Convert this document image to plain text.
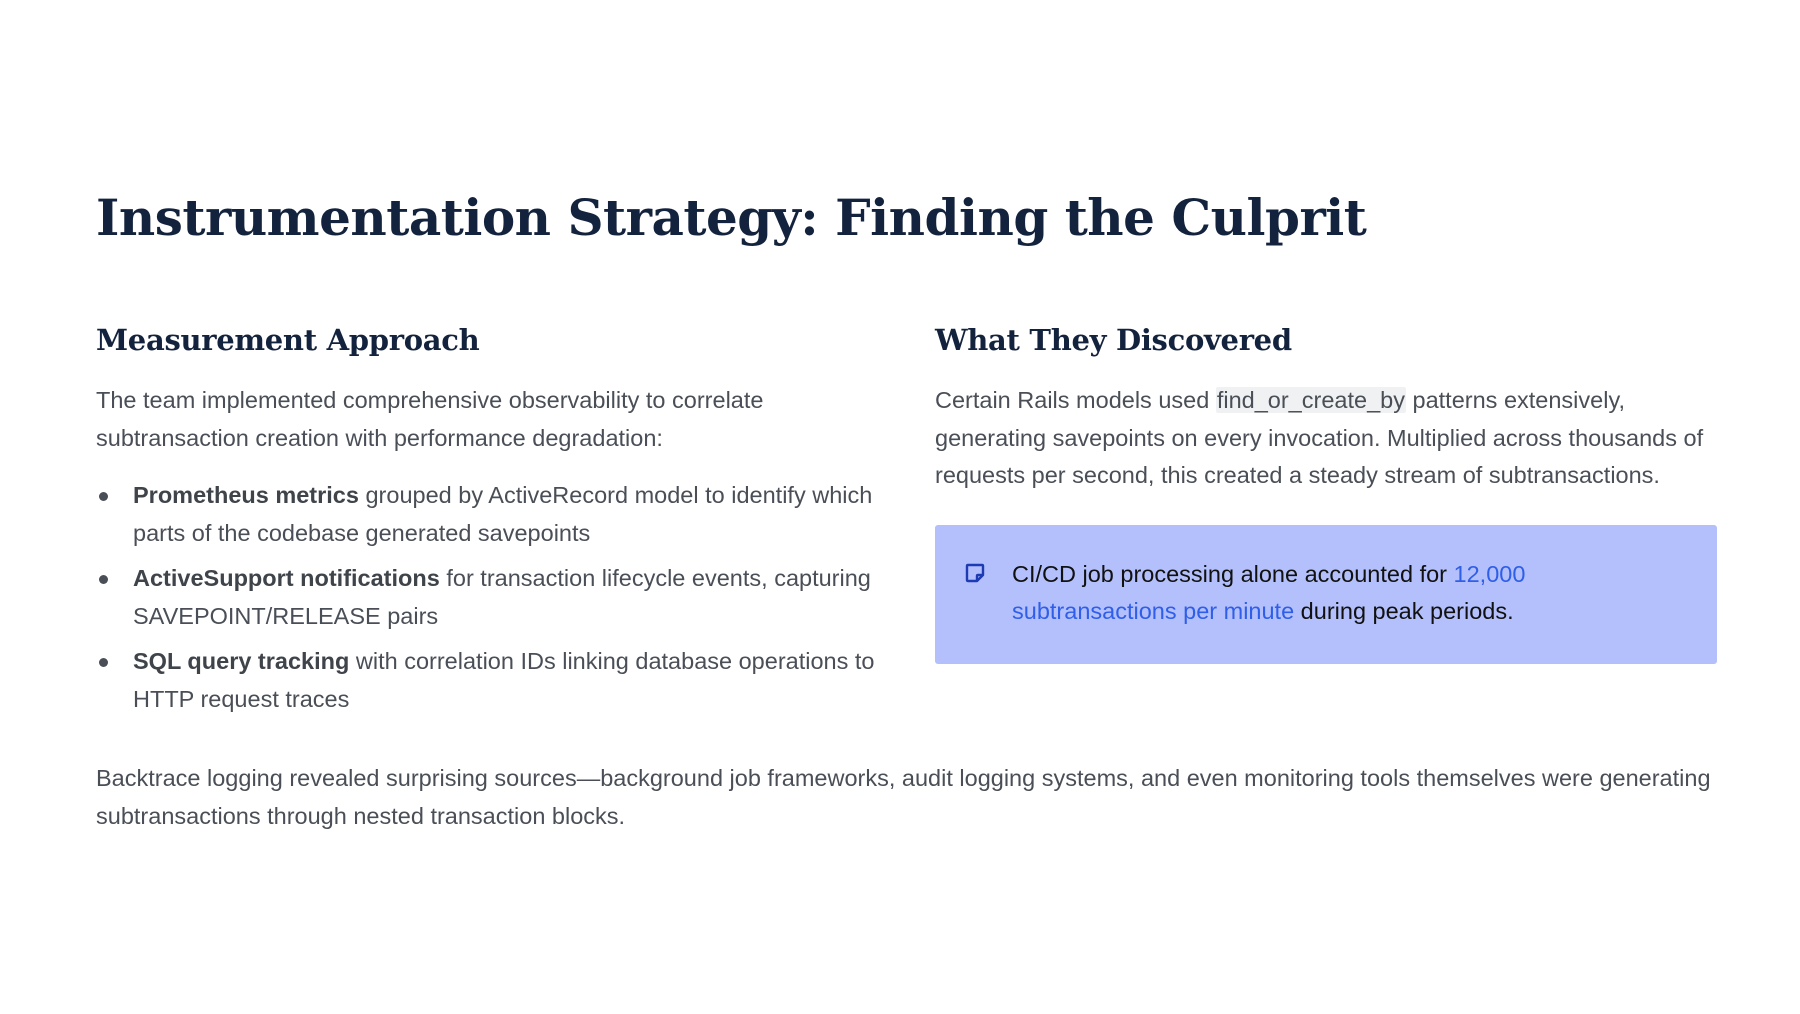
Instrumentation Strategy: Finding the Culprit
Measurement Approach

The team implemented comprehensive observability to correlate subtransaction creation with performance degradation:

Prometheus metrics grouped by ActiveRecord model to identify which parts of the codebase generated savepoints
ActiveSupport notifications for transaction lifecycle events, capturing SAVEPOINT/RELEASE pairs
SQL query tracking with correlation IDs linking database operations to HTTP request traces
What They Discovered

Certain Rails models used find_or_create_by patterns extensively, generating savepoints on every invocation. Multiplied across thousands of requests per second, this created a steady stream of subtransactions.

CI/CD job processing alone accounted for 12,000 subtransactions per minute during peak periods.

Backtrace logging revealed surprising sources—background job frameworks, audit logging systems, and even monitoring tools themselves were generating subtransactions through nested transaction blocks.
